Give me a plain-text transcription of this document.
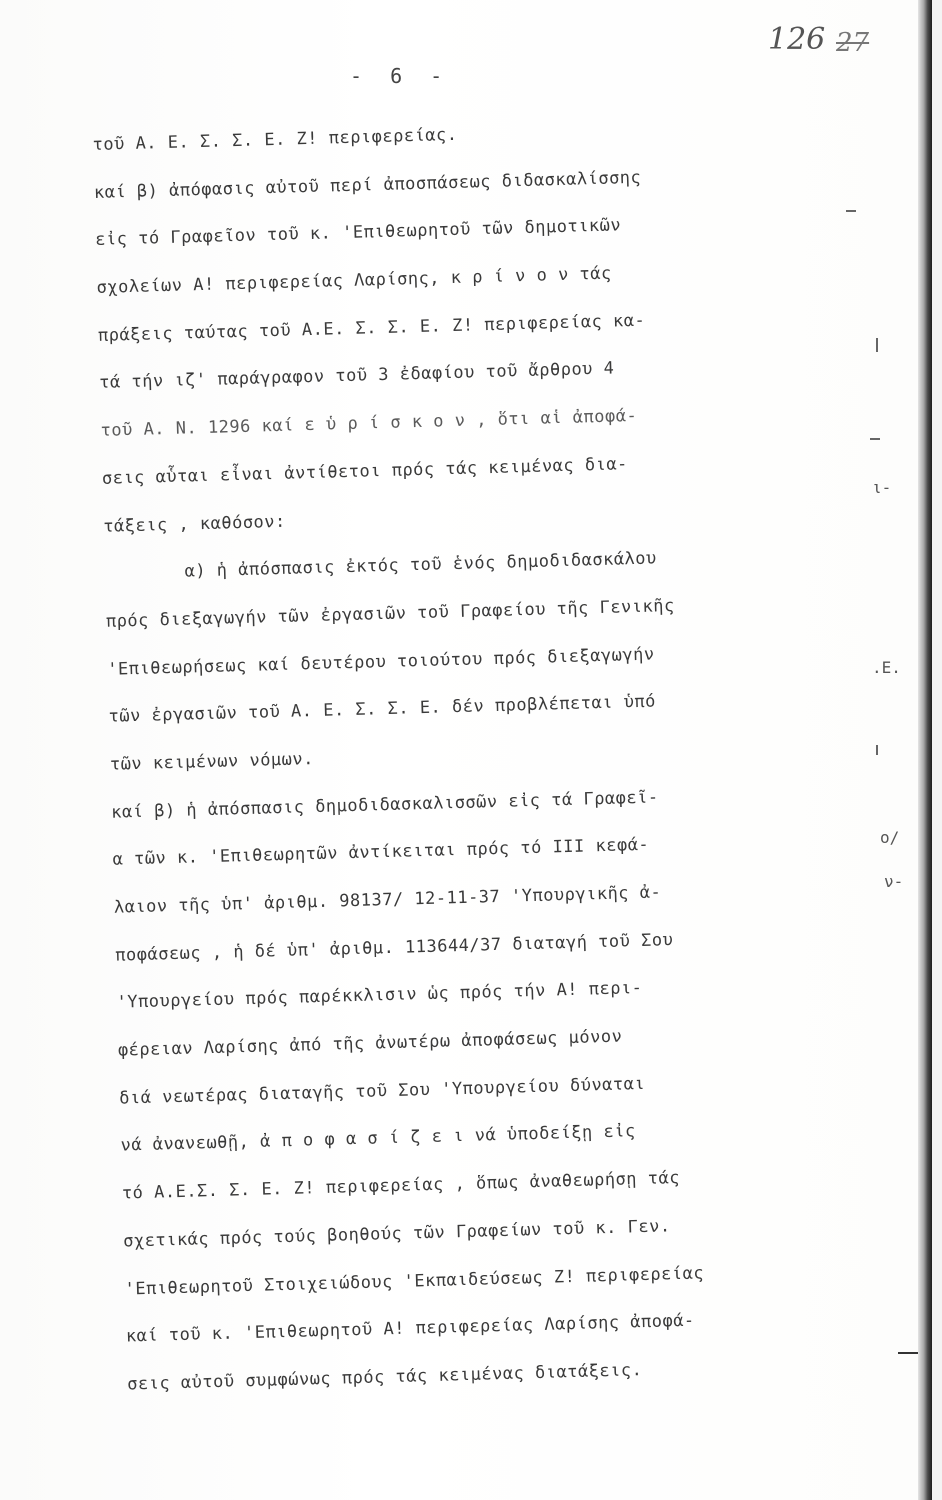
126 27
- 6 -
τοῦ Α. Ε. Σ. Σ. Ε. Ζ! περιφερείας.
καί β) ἀπόφασις αὐτοῦ περί ἀποσπάσεως διδασκαλίσσης
εἰς τό Γραφεῖον τοῦ κ. 'Επιθεωρητοῦ τῶν δημοτικῶν
σχολείων Α! περιφερείας Λαρίσης, κ ρ ί ν ο ν τάς
πράξεις ταύτας τοῦ Α.Ε. Σ. Σ. Ε. Ζ! περιφερείας κα-
τά τήν ιζ' παράγραφον τοῦ 3 ἐδαφίου τοῦ ἄρθρου 4
τοῦ Α. Ν. 1296 καί ε ὑ ρ ί σ κ ο ν , ὅτι αἱ ἀποφά-
σεις αὗται εἶναι ἀντίθετοι πρός τάς κειμένας δια-
τάξεις , καθόσον:
α) ἡ ἀπόσπασις ἐκτός τοῦ ἑνός δημοδιδασκάλου
πρός διεξαγωγήν τῶν ἐργασιῶν τοῦ Γραφείου τῆς Γενικῆς
'Επιθεωρήσεως καί δευτέρου τοιούτου πρός διεξαγωγήν
τῶν ἐργασιῶν τοῦ Α. Ε. Σ. Σ. Ε. δέν προβλέπεται ὑπό
τῶν κειμένων νόμων.
καί β) ἡ ἀπόσπασις δημοδιδασκαλισσῶν εἰς τά Γραφεῖ-
α τῶν κ. 'Επιθεωρητῶν ἀντίκειται πρός τό ΙΙΙ κεφά-
λαιον τῆς ὑπ' ἀριθμ. 98137/ 12-11-37 'Υπουργικῆς ἀ-
ποφάσεως , ἡ δέ ὑπ' ἀριθμ. 113644/37 διαταγή τοῦ Σου
'Υπουργείου πρός παρέκκλισιν ὡς πρός τήν Α! περι-
φέρειαν Λαρίσης ἀπό τῆς ἀνωτέρω ἀποφάσεως μόνον
διά νεωτέρας διαταγῆς τοῦ Σου 'Υπουργείου δύναται
νά ἀνανεωθῇ, ἀ π ο φ α σ ί ζ ε ι νά ὑποδείξῃ εἰς
τό Α.Ε.Σ. Σ. Ε. Ζ! περιφερείας , ὅπως ἀναθεωρήσῃ τάς
σχετικάς πρός τούς βοηθούς τῶν Γραφείων τοῦ κ. Γεν.
'Επιθεωρητοῦ Στοιχειώδους 'Εκπαιδεύσεως Ζ! περιφερείας
καί τοῦ κ. 'Επιθεωρητοῦ Α! περιφερείας Λαρίσης ἀποφά-
σεις αὐτοῦ συμφώνως πρός τάς κειμένας διατάξεις.
ι-
.Ε.
ο/
ν-
